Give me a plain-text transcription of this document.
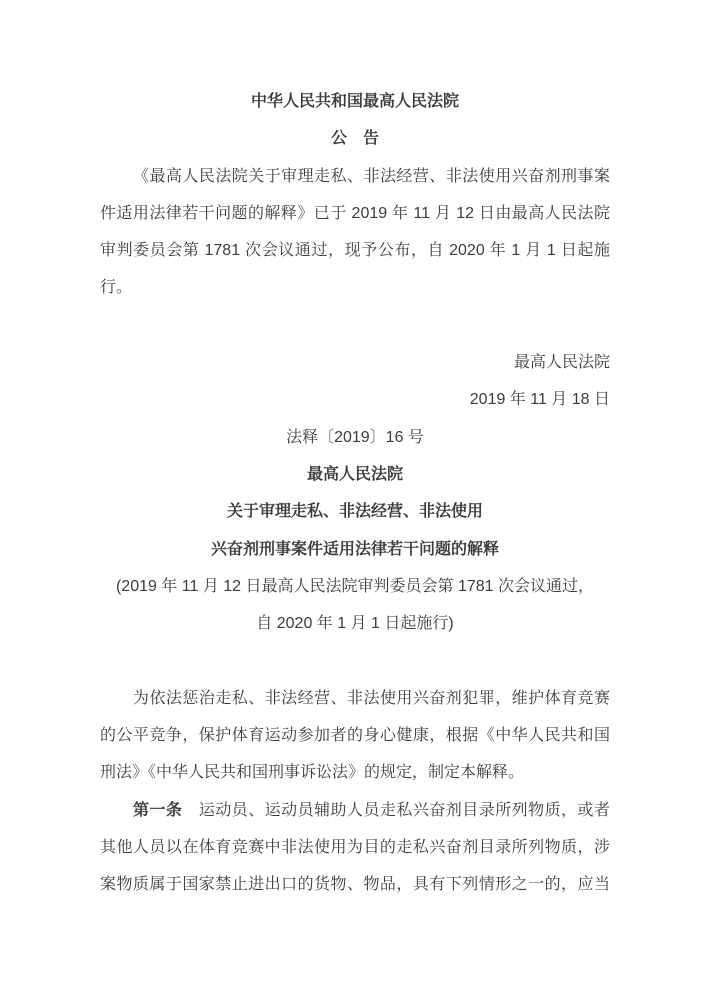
中华人民共和国最高人民法院
公　告
《最高人民法院关于审理走私、非法经营、非法使用兴奋剂刑事案
件适用法律若干问题的解释》已于 2019 年 11 月 12 日由最高人民法院
审判委员会第 1781 次会议通过，现予公布，自 2020 年 1 月 1 日起施
行。
最高人民法院
2019 年 11 月 18 日
法释〔2019〕16 号
最高人民法院
关于审理走私、非法经营、非法使用
兴奋剂刑事案件适用法律若干问题的解释
(2019 年 11 月 12 日最高人民法院审判委员会第 1781 次会议通过，
自 2020 年 1 月 1 日起施行)
为依法惩治走私、非法经营、非法使用兴奋剂犯罪，维护体育竞赛
的公平竞争，保护体育运动参加者的身心健康，根据《中华人民共和国
刑法》《中华人民共和国刑事诉讼法》的规定，制定本解释。
第一条　运动员、运动员辅助人员走私兴奋剂目录所列物质，或者
其他人员以在体育竞赛中非法使用为目的走私兴奋剂目录所列物质，涉
案物质属于国家禁止进出口的货物、物品，具有下列情形之一的，应当
